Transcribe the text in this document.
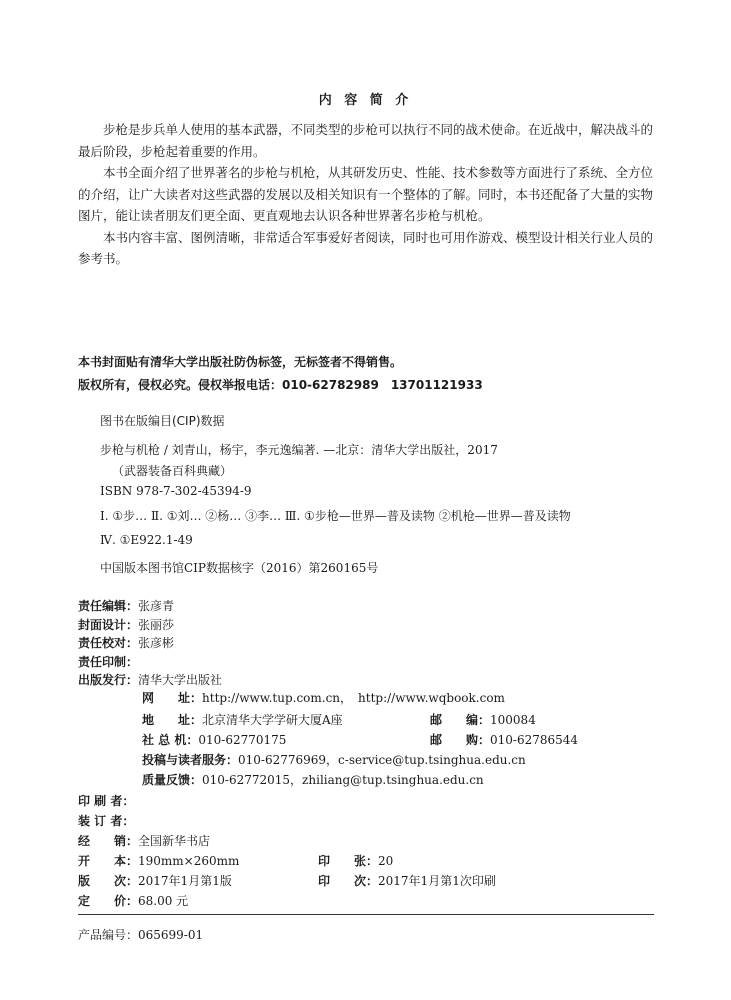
内 容 简 介

步枪是步兵单人使用的基本武器，不同类型的步枪可以执行不同的战术使命。在近战中，解决战斗的最后阶段，步枪起着重要的作用。

本书全面介绍了世界著名的步枪与机枪，从其研发历史、性能、技术参数等方面进行了系统、全方位的介绍，让广大读者对这些武器的发展以及相关知识有一个整体的了解。同时，本书还配备了大量的实物图片，能让读者朋友们更全面、更直观地去认识各种世界著名步枪与机枪。

本书内容丰富、图例清晰，非常适合军事爱好者阅读，同时也可用作游戏、模型设计相关行业人员的参考书。

本书封面贴有清华大学出版社防伪标签，无标签者不得销售。
版权所有，侵权必究。侵权举报电话：010-62782989　13701121933
图书在版编目(CIP)数据
步枪与机枪 / 刘青山，杨宇，李元逸编著. —北京：清华大学出版社，2017
（武器装备百科典藏）
ISBN 978-7-302-45394-9
Ⅰ. ①步… Ⅱ. ①刘… ②杨… ③李… Ⅲ. ①步枪—世界—普及读物 ②机枪—世界—普及读物
Ⅳ. ①E922.1-49
中国版本图书馆CIP数据核字（2016）第260165号
责任编辑：张彦青
封面设计：张丽莎
责任校对：张彦彬
责任印制：
出版发行：清华大学出版社
网　　址：http://www.tup.com.cn，　http://www.wqbook.com
地　　址：北京清华大学学研大厦A座	邮　　编：100084
社 总 机：010-62770175	邮　　购：010-62786544
投稿与读者服务：010-62776969，c-service@tup.tsinghua.edu.cn
质量反馈：010-62772015，zhiliang@tup.tsinghua.edu.cn
印 刷 者：
装 订 者：
经　　销：全国新华书店
开　　本：190mm×260mm	印　　张：20
版　　次：2017年1月第1版	印　　次：2017年1月第1次印刷
定　　价：68.00 元
产品编号：065699-01
